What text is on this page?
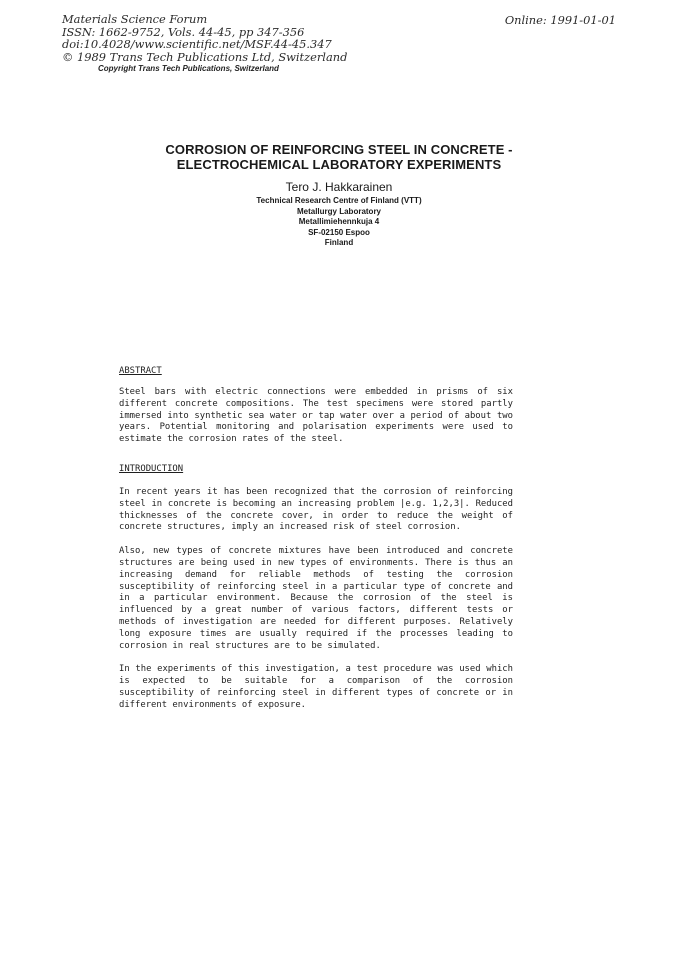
Materials Science Forum
ISSN: 1662-9752, Vols. 44-45, pp 347-356
doi:10.4028/www.scientific.net/MSF.44-45.347
© 1989 Trans Tech Publications Ltd, Switzerland
Online: 1991-01-01
Copyright Trans Tech Publications, Switzerland
CORROSION OF REINFORCING STEEL IN CONCRETE -
ELECTROCHEMICAL LABORATORY EXPERIMENTS
Tero J. Hakkarainen
Technical Research Centre of Finland (VTT)
Metallurgy Laboratory
Metallimiehennkuja 4
SF-02150 Espoo
Finland
ABSTRACT

Steel bars with electric connections were embedded in prisms of six different concrete compositions. The test specimens were stored partly immersed into synthetic sea water or tap water over a period of about two years. Potential monitoring and polarisation experiments were used to estimate the corrosion rates of the steel.

INTRODUCTION

In recent years it has been recognized that the corrosion of reinforcing steel in concrete is becoming an increasing problem |e.g. 1,2,3|. Reduced thicknesses of the concrete cover, in order to reduce the weight of concrete structures, imply an increased risk of steel corrosion.

Also, new types of concrete mixtures have been introduced and concrete structures are being used in new types of environments. There is thus an increasing demand for reliable methods of testing the corrosion susceptibility of reinforcing steel in a particular type of concrete and in a particular environment. Because the corrosion of the steel is influenced by a great number of various factors, different tests or methods of investigation are needed for different purposes. Relatively long exposure times are usually required if the processes leading to corrosion in real structures are to be simulated.

In the experiments of this investigation, a test procedure was used which is expected to be suitable for a comparison of the corrosion susceptibility of reinforcing steel in different types of concrete or in different environments of exposure.
